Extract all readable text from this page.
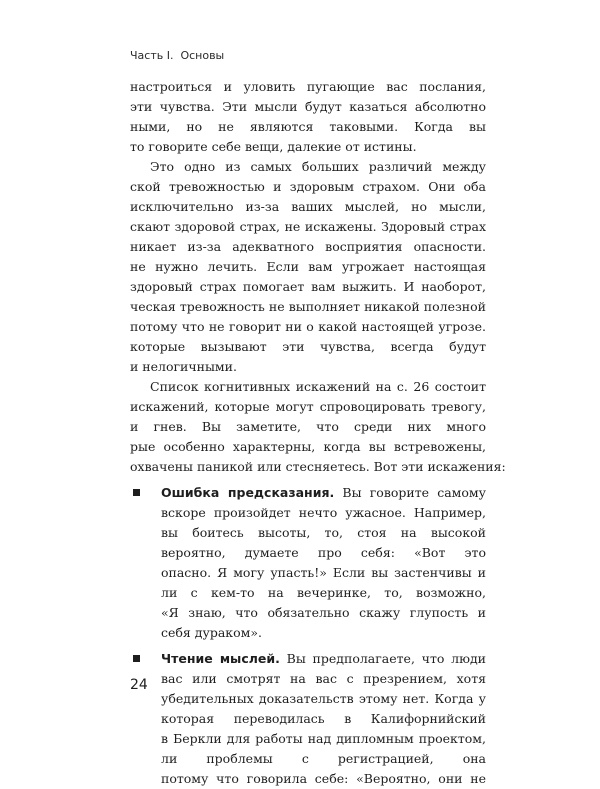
Часть I.  Основы
настроиться и уловить пугающие вас послания,
эти чувства. Эти мысли будут казаться абсолютно
ными, но не являются таковыми. Когда вы
то говорите себе вещи, далекие от истины.
Это одно из самых больших различий между
ской тревожностью и здоровым страхом. Они оба
исключительно из-за ваших мыслей, но мысли,
скают здоровой страх, не искажены. Здоровый страх
никает из-за адекватного восприятия опасности.
не нужно лечить. Если вам угрожает настоящая
здоровый страх помогает вам выжить. И наоборот,
ческая тревожность не выполняет никакой полезной
потому что не говорит ни о какой настоящей угрозе.
которые вызывают эти чувства, всегда будут
и нелогичными.
Список когнитивных искажений на с. 26 состоит
искажений, которые могут спровоцировать тревогу,
и гнев. Вы заметите, что среди них много
рые особенно характерны, когда вы встревожены,
охвачены паникой или стесняетесь. Вот эти искажения:
Ошибка предсказания. Вы говорите самому
вскоре произойдет нечто ужасное. Например,
вы боитесь высоты, то, стоя на высокой
вероятно, думаете про себя: «Вот это
опасно. Я могу упасть!» Если вы застенчивы и
ли с кем-то на вечеринке, то, возможно,
«Я знаю, что обязательно скажу глупость и
себя дураком».
Чтение мыслей. Вы предполагаете, что люди
вас или смотрят на вас с презрением, хотя
убедительных доказательств этому нет. Когда у
которая переводилась в Калифорнийский
в Беркли для работы над дипломным проектом,
ли проблемы с регистрацией, она
потому что говорила себе: «Вероятно, они не
24
